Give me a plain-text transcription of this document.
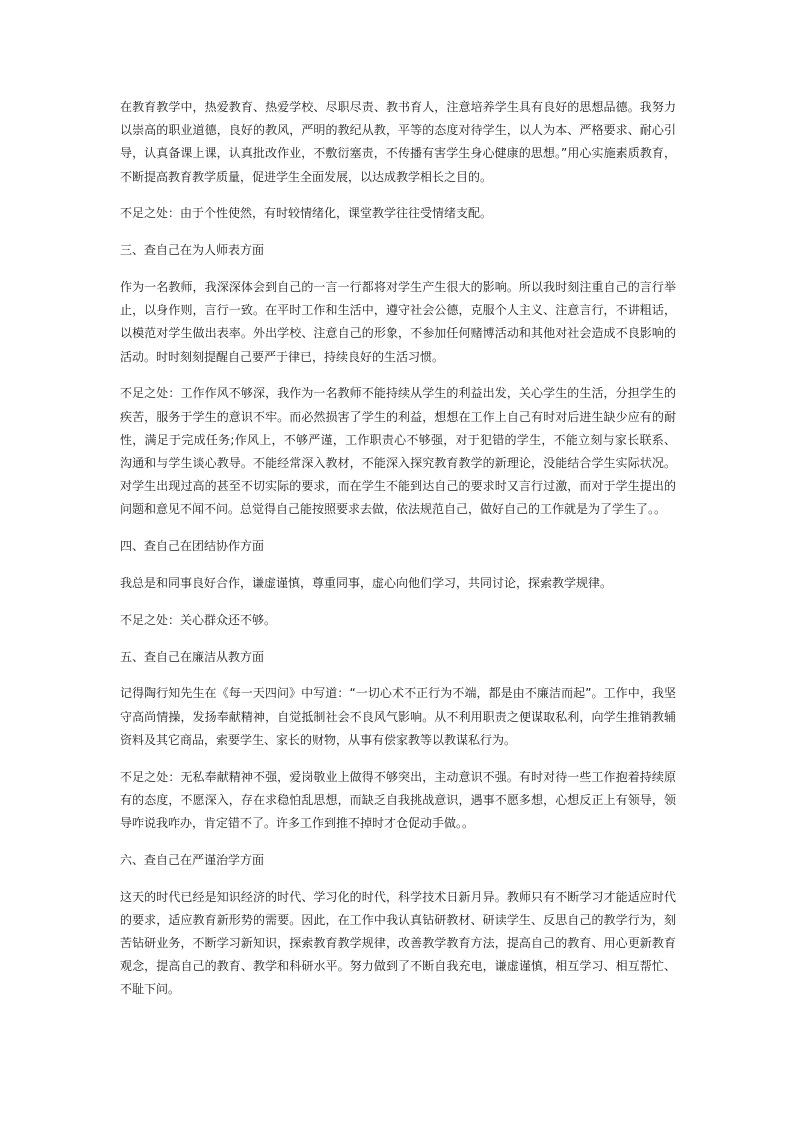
在教育教学中，热爱教育、热爱学校、尽职尽责、教书育人，注意培养学生具有良好的思想品德。我努力以崇高的职业道德，良好的教风，严明的教纪从教，平等的态度对待学生，以人为本、严格要求、耐心引导，认真备课上课，认真批改作业，不敷衍塞责，不传播有害学生身心健康的思想。”用心实施素质教育，不断提高教育教学质量，促进学生全面发展，以达成教学相长之目的。

不足之处：由于个性使然，有时较情绪化，课堂教学往往受情绪支配。

三、查自己在为人师表方面

作为一名教师，我深深体会到自己的一言一行都将对学生产生很大的影响。所以我时刻注重自己的言行举止，以身作则，言行一致。在平时工作和生活中，遵守社会公德，克服个人主义、注意言行，不讲粗话，以模范对学生做出表率。外出学校、注意自己的形象，不参加任何赌博活动和其他对社会造成不良影响的活动。时时刻刻提醒自己要严于律已，持续良好的生活习惯。

不足之处：工作作风不够深，我作为一名教师不能持续从学生的利益出发，关心学生的生活，分担学生的疾苦，服务于学生的意识不牢。而必然损害了学生的利益，想想在工作上自己有时对后进生缺少应有的耐性，满足于完成任务;作风上，不够严谨，工作职责心不够强，对于犯错的学生，不能立刻与家长联系、沟通和与学生谈心教导。不能经常深入教材，不能深入探究教育教学的新理论，没能结合学生实际状况。对学生出现过高的甚至不切实际的要求，而在学生不能到达自己的要求时又言行过激，而对于学生提出的问题和意见不闻不问。总觉得自己能按照要求去做，依法规范自己，做好自己的工作就是为了学生了。。

四、查自己在团结协作方面

我总是和同事良好合作，谦虚谨慎，尊重同事，虚心向他们学习，共同讨论，探索教学规律。

不足之处：关心群众还不够。

五、查自己在廉洁从教方面

记得陶行知先生在《每一天四问》中写道：“一切心术不正行为不端，都是由不廉洁而起”。工作中，我坚守高尚情操，发扬奉献精神，自觉抵制社会不良风气影响。从不利用职责之便谋取私利，向学生推销教辅资料及其它商品，索要学生、家长的财物，从事有偿家教等以教谋私行为。

不足之处：无私奉献精神不强，爱岗敬业上做得不够突出，主动意识不强。有时对待一些工作抱着持续原有的态度，不愿深入，存在求稳怕乱思想，而缺乏自我挑战意识，遇事不愿多想，心想反正上有领导，领导咋说我咋办，肯定错不了。许多工作到推不掉时才仓促动手做。。

六、查自己在严谨治学方面

这天的时代已经是知识经济的时代、学习化的时代，科学技术日新月异。教师只有不断学习才能适应时代的要求，适应教育新形势的需要。因此，在工作中我认真钻研教材、研读学生、反思自己的教学行为，刻苦钻研业务，不断学习新知识，探索教育教学规律，改善教学教育方法，提高自己的教育、用心更新教育观念，提高自己的教育、教学和科研水平。努力做到了不断自我充电，谦虚谨慎，相互学习、相互帮忙、不耻下问。
